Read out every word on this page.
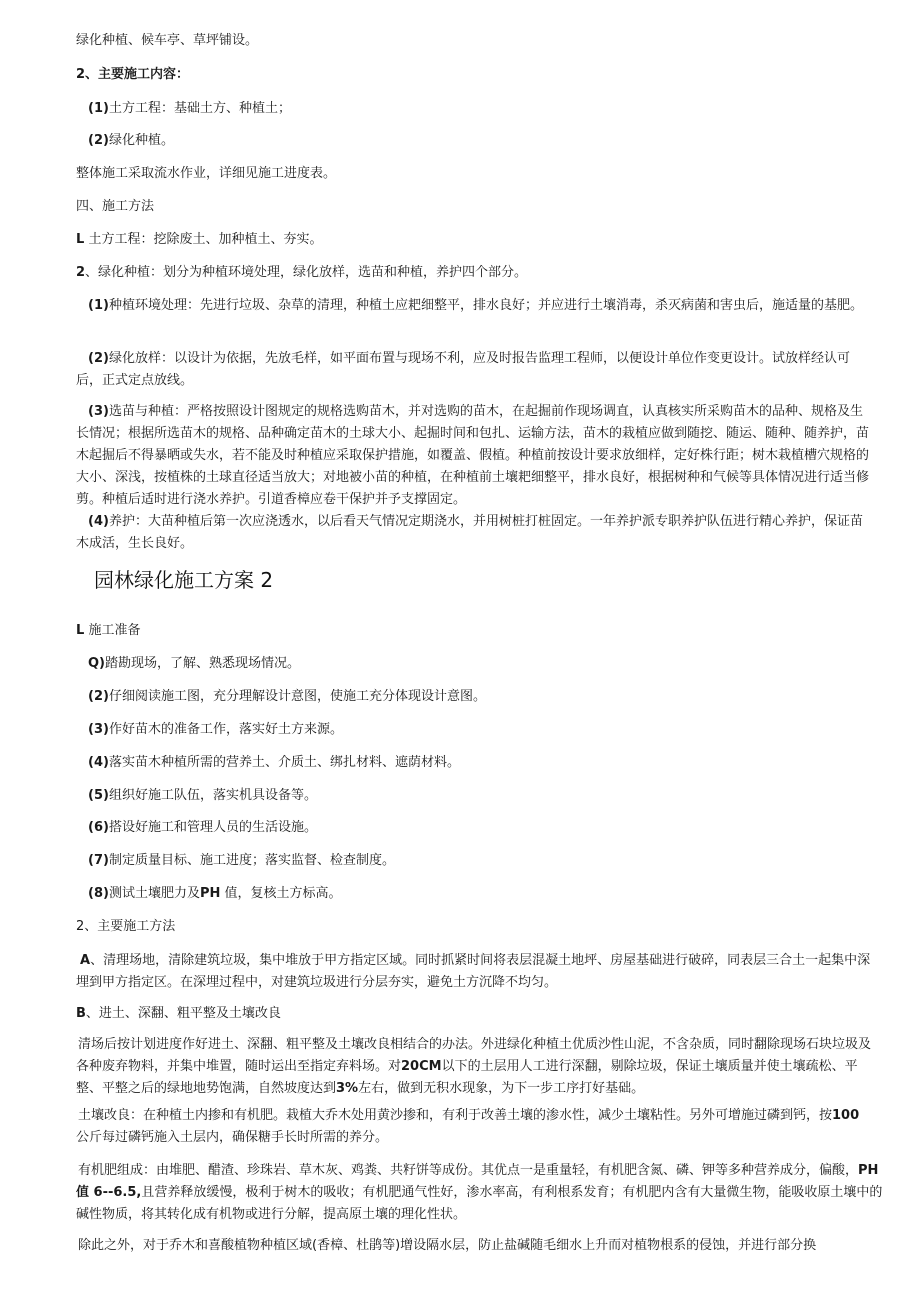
绿化种植、候车亭、草坪铺设。

2、主要施工内容：

(1)土方工程：基础土方、种植土；

(2)绿化种植。

整体施工采取流水作业，详细见施工进度表。

四、施工方法

L 土方工程：挖除废土、加种植土、夯实。

2、绿化种植：划分为种植环境处理，绿化放样，选苗和种植，养护四个部分。

(1)种植环境处理：先进行垃圾、杂草的清理，种植土应耙细整平，排水良好；并应进行土壤消毒，杀灭病菌和害虫后，施适量的基肥。

(2)绿化放样：以设计为依据，先放毛样，如平面布置与现场不利，应及时报告监理工程师，以便设计单位作变更设计。试放样经认可后，正式定点放线。

(3)选苗与种植：严格按照设计图规定的规格选购苗木，并对选购的苗木，在起掘前作现场调直，认真核实所采购苗木的品种、规格及生长情况；根据所选苗木的规格、品种确定苗木的土球大小、起掘时间和包扎、运输方法，苗木的栽植应做到随挖、随运、随种、随养护，苗木起掘后不得暴晒或失水，若不能及时种植应采取保护措施，如覆盖、假植。种植前按设计要求放细样，定好株行距；树木栽植槽穴规格的大小、深浅，按植株的土球直径适当放大；对地被小苗的种植，在种植前土壤耙细整平，排水良好，根据树种和气候等具体情况进行适当修剪。种植后适时进行浇水养护。引道香樟应卷干保护并予支撑固定。

(4)养护：大苗种植后第一次应浇透水，以后看天气情况定期浇水，并用树桩打桩固定。一年养护派专职养护队伍进行精心养护，保证苗木成活，生长良好。

园林绿化施工方案 2

L 施工准备

Q)踏勘现场，了解、熟悉现场情况。

(2)仔细阅读施工图，充分理解设计意图，使施工充分体现设计意图。

(3)作好苗木的准备工作，落实好土方来源。

(4)落实苗木种植所需的营养土、介质土、绑扎材料、遮荫材料。

(5)组织好施工队伍，落实机具设备等。

(6)搭设好施工和管理人员的生活设施。

(7)制定质量目标、施工进度；落实监督、检查制度。

(8)测试土壤肥力及PH 值，复核土方标高。

2、主要施工方法

A、清理场地，清除建筑垃圾，集中堆放于甲方指定区域。同时抓紧时间将表层混凝土地坪、房屋基础进行破碎，同表层三合土一起集中深埋到甲方指定区。在深埋过程中，对建筑垃圾进行分层夯实，避免土方沉降不均匀。

B、进土、深翻、粗平整及土壤改良

清场后按计划进度作好进土、深翻、粗平整及土壤改良相结合的办法。外进绿化种植土优质沙性山泥，不含杂质，同时翻除现场石块垃圾及各种废弃物料，并集中堆置，随时运出至指定弃料场。对20CM以下的土层用人工进行深翻，剔除垃圾，保证土壤质量并使土壤疏松、平整、平整之后的绿地地势饱满，自然坡度达到3%左右，做到无积水现象，为下一步工序打好基础。

土壤改良：在种植土内掺和有机肥。栽植大乔木处用黄沙掺和，有利于改善土壤的渗水性，减少土壤粘性。另外可增施过磷到钙，按100 公斤每过磷钙施入土层内，确保糖手长时所需的养分。

有机肥组成：由堆肥、醋渣、珍珠岩、草木灰、鸡粪、共籽饼等成份。其优点一是重量轻，有机肥含氮、磷、钾等多种营养成分，偏酸，PH 值 6--6.5,且营养释放缓慢，极利于树木的吸收；有机肥通气性好，渗水率高，有利根系发育；有机肥内含有大量微生物，能吸收原土壤中的碱性物质，将其转化成有机物或进行分解，提高原土壤的理化性状。

除此之外，对于乔木和喜酸植物种植区域(香樟、杜鹃等)增设隔水层，防止盐碱随毛细水上升而对植物根系的侵蚀，并进行部分换
